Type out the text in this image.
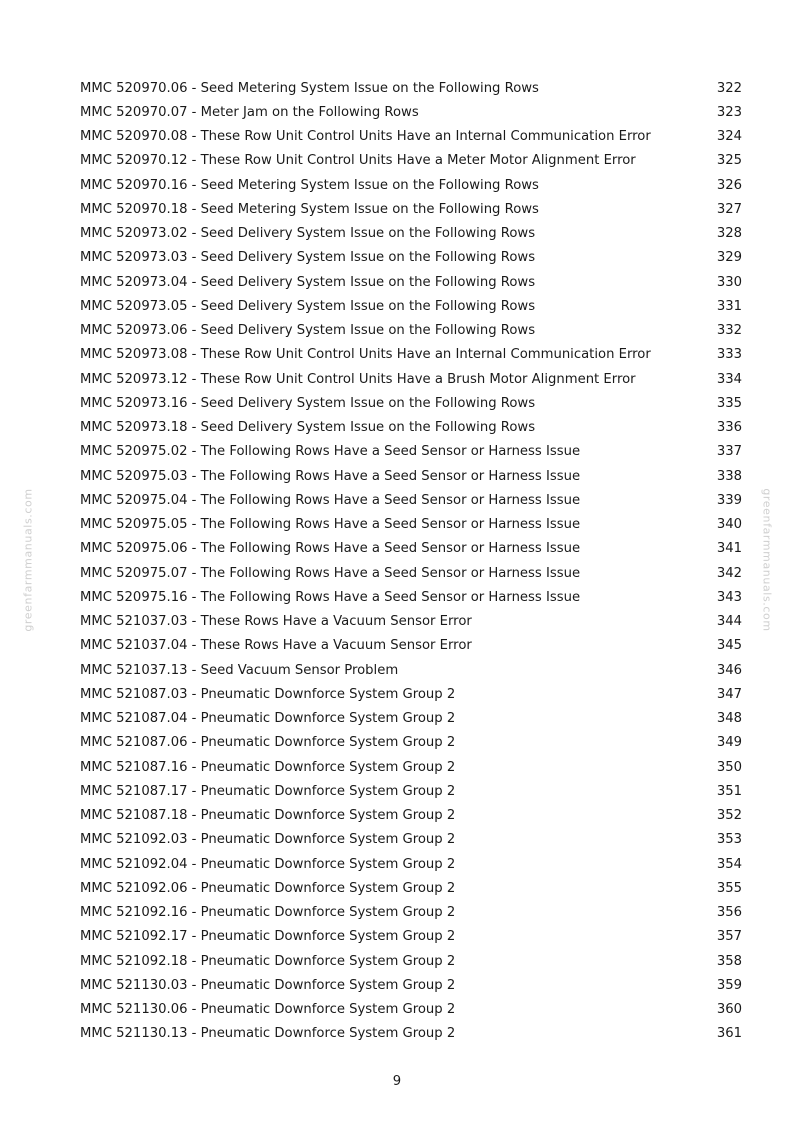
greenfarmmanuals.com	greenfarmmanuals.com
MMC 520970.06 - Seed Metering System Issue on the Following Rows	322
MMC 520970.07 - Meter Jam on the Following Rows	323
MMC 520970.08 - These Row Unit Control Units Have an Internal Communication Error	324
MMC 520970.12 - These Row Unit Control Units Have a Meter Motor Alignment Error	325
MMC 520970.16 - Seed Metering System Issue on the Following Rows	326
MMC 520970.18 - Seed Metering System Issue on the Following Rows	327
MMC 520973.02 - Seed Delivery System Issue on the Following Rows	328
MMC 520973.03 - Seed Delivery System Issue on the Following Rows	329
MMC 520973.04 - Seed Delivery System Issue on the Following Rows	330
MMC 520973.05 - Seed Delivery System Issue on the Following Rows	331
MMC 520973.06 - Seed Delivery System Issue on the Following Rows	332
MMC 520973.08 - These Row Unit Control Units Have an Internal Communication Error	333
MMC 520973.12 - These Row Unit Control Units Have a Brush Motor Alignment Error	334
MMC 520973.16 - Seed Delivery System Issue on the Following Rows	335
MMC 520973.18 - Seed Delivery System Issue on the Following Rows	336
MMC 520975.02 - The Following Rows Have a Seed Sensor or Harness Issue	337
MMC 520975.03 - The Following Rows Have a Seed Sensor or Harness Issue	338
MMC 520975.04 - The Following Rows Have a Seed Sensor or Harness Issue	339
MMC 520975.05 - The Following Rows Have a Seed Sensor or Harness Issue	340
MMC 520975.06 - The Following Rows Have a Seed Sensor or Harness Issue	341
MMC 520975.07 - The Following Rows Have a Seed Sensor or Harness Issue	342
MMC 520975.16 - The Following Rows Have a Seed Sensor or Harness Issue	343
MMC 521037.03 - These Rows Have a Vacuum Sensor Error	344
MMC 521037.04 - These Rows Have a Vacuum Sensor Error	345
MMC 521037.13 - Seed Vacuum Sensor Problem	346
MMC 521087.03 - Pneumatic Downforce System Group 2	347
MMC 521087.04 - Pneumatic Downforce System Group 2	348
MMC 521087.06 - Pneumatic Downforce System Group 2	349
MMC 521087.16 - Pneumatic Downforce System Group 2	350
MMC 521087.17 - Pneumatic Downforce System Group 2	351
MMC 521087.18 - Pneumatic Downforce System Group 2	352
MMC 521092.03 - Pneumatic Downforce System Group 2	353
MMC 521092.04 - Pneumatic Downforce System Group 2	354
MMC 521092.06 - Pneumatic Downforce System Group 2	355
MMC 521092.16 - Pneumatic Downforce System Group 2	356
MMC 521092.17 - Pneumatic Downforce System Group 2	357
MMC 521092.18 - Pneumatic Downforce System Group 2	358
MMC 521130.03 - Pneumatic Downforce System Group 2	359
MMC 521130.06 - Pneumatic Downforce System Group 2	360
MMC 521130.13 - Pneumatic Downforce System Group 2	361
9
